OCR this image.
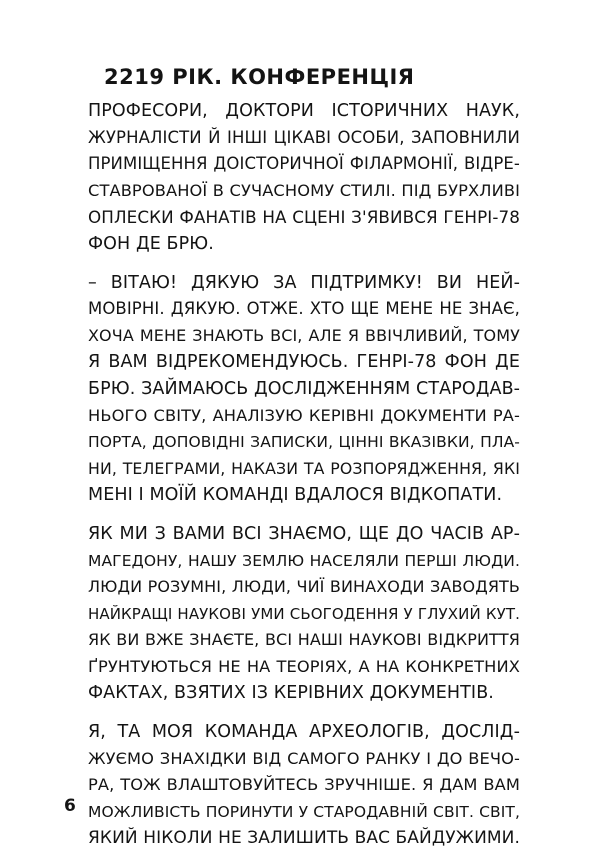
2219 РІК. КОНФЕРЕНЦІЯ
ПРОФЕСОРИ, ДОКТОРИ ІСТОРИЧНИХ НАУК,
ЖУРНАЛІСТИ Й ІНШІ ЦІКАВІ ОСОБИ, ЗАПОВНИЛИ
ПРИМІЩЕННЯ ДОІСТОРИЧНОЇ ФІЛАРМОНІЇ, ВІДРЕ-
СТАВРОВАНОЇ В СУЧАСНОМУ СТИЛІ. ПІД БУРХЛИВІ
ОПЛЕСКИ ФАНАТІВ НА СЦЕНІ З'ЯВИВСЯ ГЕНРІ-78
ФОН ДЕ БРЮ.
– ВІТАЮ! ДЯКУЮ ЗА ПІДТРИМКУ! ВИ НЕЙ-
МОВІРНІ. ДЯКУЮ. ОТЖЕ. ХТО ЩЕ МЕНЕ НЕ ЗНАЄ,
ХОЧА МЕНЕ ЗНАЮТЬ ВСІ, АЛЕ Я ВВІЧЛИВИЙ, ТОМУ
Я ВАМ ВІДРЕКОМЕНДУЮСЬ. ГЕНРІ-78 ФОН ДЕ
БРЮ. ЗАЙМАЮСЬ ДОСЛІДЖЕННЯМ СТАРОДАВ-
НЬОГО СВІТУ, АНАЛІЗУЮ КЕРІВНІ ДОКУМЕНТИ РА-
ПОРТА, ДОПОВІДНІ ЗАПИСКИ, ЦІННІ ВКАЗІВКИ, ПЛА-
НИ, ТЕЛЕГРАМИ, НАКАЗИ ТА РОЗПОРЯДЖЕННЯ, ЯКІ
МЕНІ І МОЇЙ КОМАНДІ ВДАЛОСЯ ВІДКОПАТИ.
ЯК МИ З ВАМИ ВСІ ЗНАЄМО, ЩЕ ДО ЧАСІВ АР-
МАГЕДОНУ, НАШУ ЗЕМЛЮ НАСЕЛЯЛИ ПЕРШІ ЛЮДИ.
ЛЮДИ РОЗУМНІ, ЛЮДИ, ЧИЇ ВИНАХОДИ ЗАВОДЯТЬ
НАЙКРАЩІ НАУКОВІ УМИ СЬОГОДЕННЯ У ГЛУХИЙ КУТ.
ЯК ВИ ВЖЕ ЗНАЄТЕ, ВСІ НАШІ НАУКОВІ ВІДКРИТТЯ
ҐРУНТУЮТЬСЯ НЕ НА ТЕОРІЯХ, А НА КОНКРЕТНИХ
ФАКТАХ, ВЗЯТИХ ІЗ КЕРІВНИХ ДОКУМЕНТІВ.
Я, ТА МОЯ КОМАНДА АРХЕОЛОГІВ, ДОСЛІД-
ЖУЄМО ЗНАХІДКИ ВІД САМОГО РАНКУ І ДО ВЕЧО-
РА, ТОЖ ВЛАШТОВУЙТЕСЬ ЗРУЧНІШЕ. Я ДАМ ВАМ
МОЖЛИВІСТЬ ПОРИНУТИ У СТАРОДАВНІЙ СВІТ. СВІТ,
ЯКИЙ НІКОЛИ НЕ ЗАЛИШИТЬ ВАС БАЙДУЖИМИ.
6
